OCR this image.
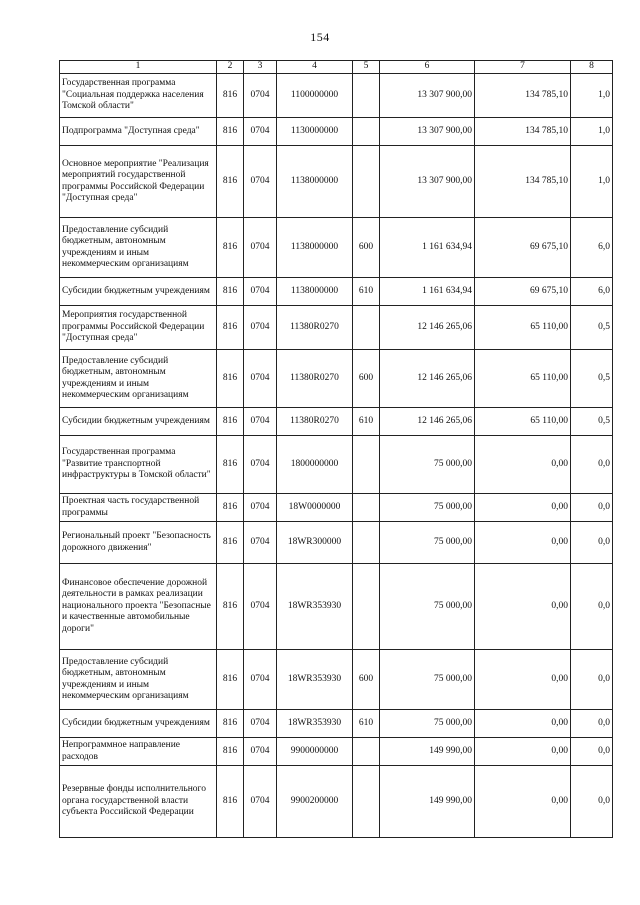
154
1	2	3	4	5	6	7	8
Государственная программа "Социальная поддержка населения Томской области"	816	0704	1100000000		13 307 900,00	134 785,10	1,0
Подпрограмма "Доступная среда"	816	0704	1130000000		13 307 900,00	134 785,10	1,0
Основное мероприятие "Реализация мероприятий государственной программы Российской Федерации "Доступная среда"	816	0704	1138000000		13 307 900,00	134 785,10	1,0
Предоставление субсидий бюджетным, автономным учреждениям и иным некоммерческим организациям	816	0704	1138000000	600	1 161 634,94	69 675,10	6,0
Субсидии бюджетным учреждениям	816	0704	1138000000	610	1 161 634,94	69 675,10	6,0
Мероприятия государственной программы Российской Федерации "Доступная среда"	816	0704	11380R0270		12 146 265,06	65 110,00	0,5
Предоставление субсидий бюджетным, автономным учреждениям и иным некоммерческим организациям	816	0704	11380R0270	600	12 146 265,06	65 110,00	0,5
Субсидии бюджетным учреждениям	816	0704	11380R0270	610	12 146 265,06	65 110,00	0,5
Государственная программа "Развитие транспортной инфраструктуры в Томской области"	816	0704	1800000000		75 000,00	0,00	0,0
Проектная часть государственной программы	816	0704	18W0000000		75 000,00	0,00	0,0
Региональный проект "Безопасность дорожного движения"	816	0704	18WR300000		75 000,00	0,00	0,0
Финансовое обеспечение дорожной деятельности в рамках реализации национального проекта "Безопасные и качественные автомобильные дороги"	816	0704	18WR353930		75 000,00	0,00	0,0
Предоставление субсидий бюджетным, автономным учреждениям и иным некоммерческим организациям	816	0704	18WR353930	600	75 000,00	0,00	0,0
Субсидии бюджетным учреждениям	816	0704	18WR353930	610	75 000,00	0,00	0,0
Непрограммное направление расходов	816	0704	9900000000		149 990,00	0,00	0,0
Резервные фонды исполнительного органа государственной власти субъекта Российской Федерации	816	0704	9900200000		149 990,00	0,00	0,0
